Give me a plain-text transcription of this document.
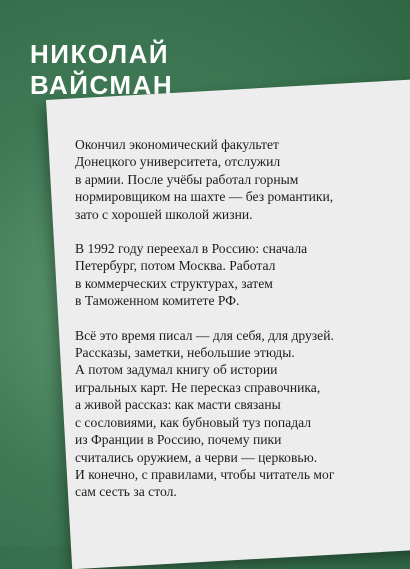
НИКОЛАЙ
ВАЙСМАН

Окончил экономический факультет
Донецкого университета, отслужил
в армии. После учёбы работал горным
нормировщиком на шахте — без романтики,
зато с хорошей школой жизни.

В 1992 году переехал в Россию: сначала
Петербург, потом Москва. Работал
в коммерческих структурах, затем
в Таможенном комитете РФ.

Всё это время писал — для себя, для друзей.
Рассказы, заметки, небольшие этюды.
А потом задумал книгу об истории
игральных карт. Не пересказ справочника,
а живой рассказ: как масти связаны
с сословиями, как бубновый туз попадал
из Франции в Россию, почему пики
считались оружием, а черви — церковью.
И конечно, с правилами, чтобы читатель мог
сам сесть за стол.
